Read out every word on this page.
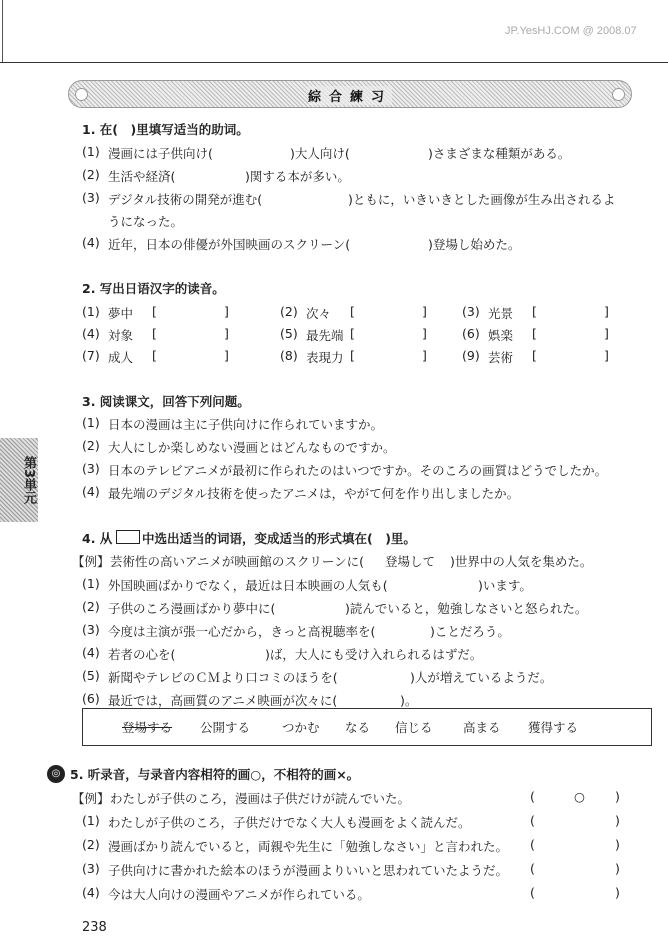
JP.YesHJ.COM @ 2008.07
綜合練习
第3単元
1. 在(　)里填写适当的助词。
(1) 漫画には子供向け(	)大人向け(	)さまざまな種類がある。
(2) 生活や経済(	)関する本が多い。
(3) デジタル技術の開発が進む(	)ともに，いきいきとした画像が生み出されるよ
うになった。
(4) 近年，日本の俳優が外国映画のスクリーン(	)登場し始めた。
2. 写出日语汉字的读音。
(1) 夢中 [	]	(2) 次々 [	]	(3) 光景 [	]
(4) 対象 [	]	(5) 最先端 [	]	(6) 娯楽 [	]
(7) 成人 [	]	(8) 表現力 [	]	(9) 芸術 [	]
3. 阅读课文，回答下列问题。
(1) 日本の漫画は主に子供向けに作られていますか。
(2) 大人にしか楽しめない漫画とはどんなものですか。
(3) 日本のテレビアニメが最初に作られたのはいつですか。そのころの画質はどうでしたか。
(4) 最先端のデジタル技術を使ったアニメは，やがて何を作り出しましたか。
4. 从 中选出适当的词语，变成适当的形式填在(　)里。
【例】 芸術性の高いアニメが映画館のスクリーンに( 登場して )世界中の人気を集めた。
(1) 外国映画ばかりでなく，最近は日本映画の人気も(	)います。
(2) 子供のころ漫画ばかり夢中に(	)読んでいると，勉強しなさいと怒られた。
(3) 今度は主演が張一心だから，きっと高視聴率を(	)ことだろう。
(4) 若者の心を(	)ば，大人にも受け入れられるはずだ。
(5) 新聞やテレビのＣＭより口コミのほうを(	)人が増えているようだ。
(6) 最近では，高画質のアニメ映画が次々に(	)。
登場する 公開する	つかむ なる 信じる 高まる 獲得する
5. 听录音，与录音内容相符的画○，不相符的画×。
【例】 わたしが子供のころ，漫画は子供だけが読んでいた。	(	○ )
(1) わたしが子供のころ，子供だけでなく大人も漫画をよく読んだ。	(	)
(2) 漫画ばかり読んでいると，両親や先生に「勉強しなさい」と言われた。 (	)
(3) 子供向けに書かれた絵本のほうが漫画よりいいと思われていたようだ。 (	)
(4) 今は大人向けの漫画やアニメが作られている。	(	)
◎
238
